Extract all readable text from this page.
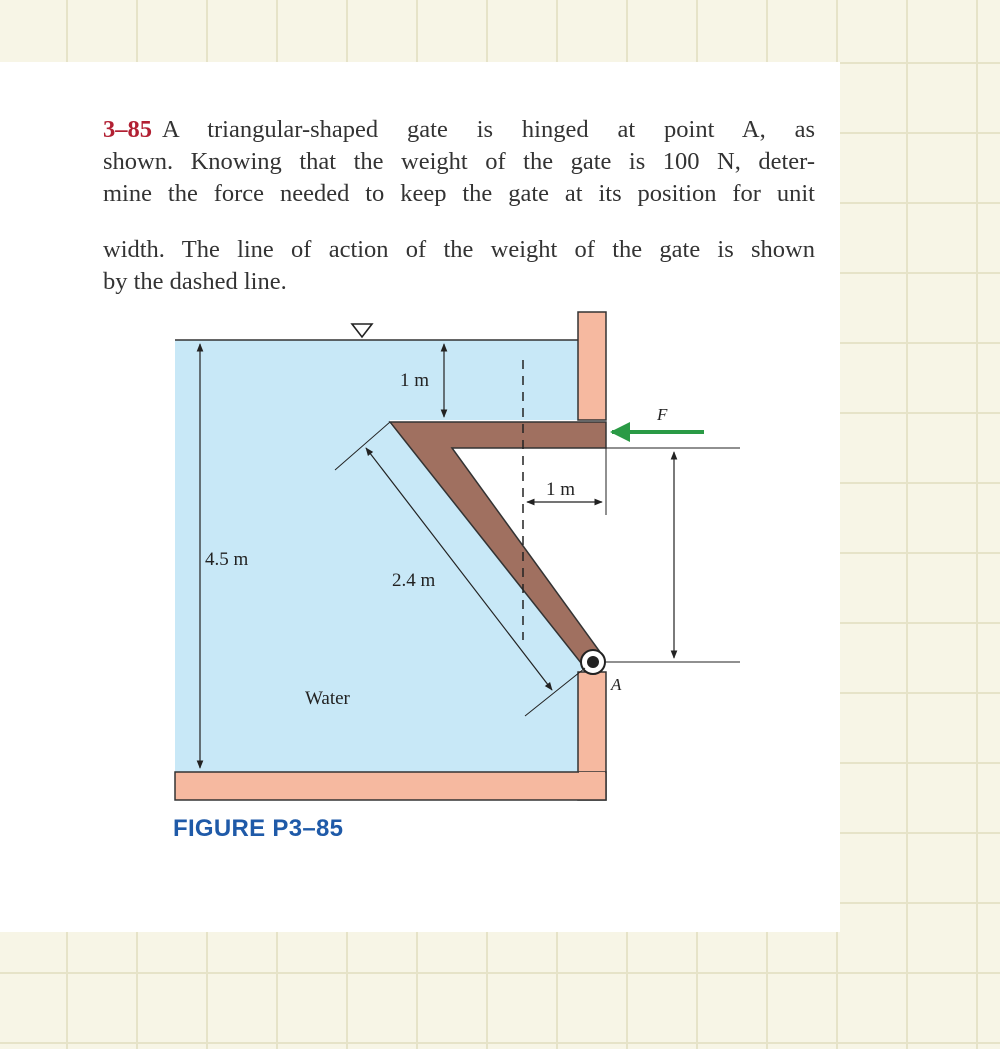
3–85 A triangular-shaped gate is hinged at point A, as
shown. Knowing that the weight of the gate is 100 N, deter-
mine the force needed to keep the gate at its position for unit

width. The line of action of the weight of the gate is shown
by the dashed line.

A
F
4.5 m
1 m
1 m
2.4 m
Water
FIGURE P3–85
